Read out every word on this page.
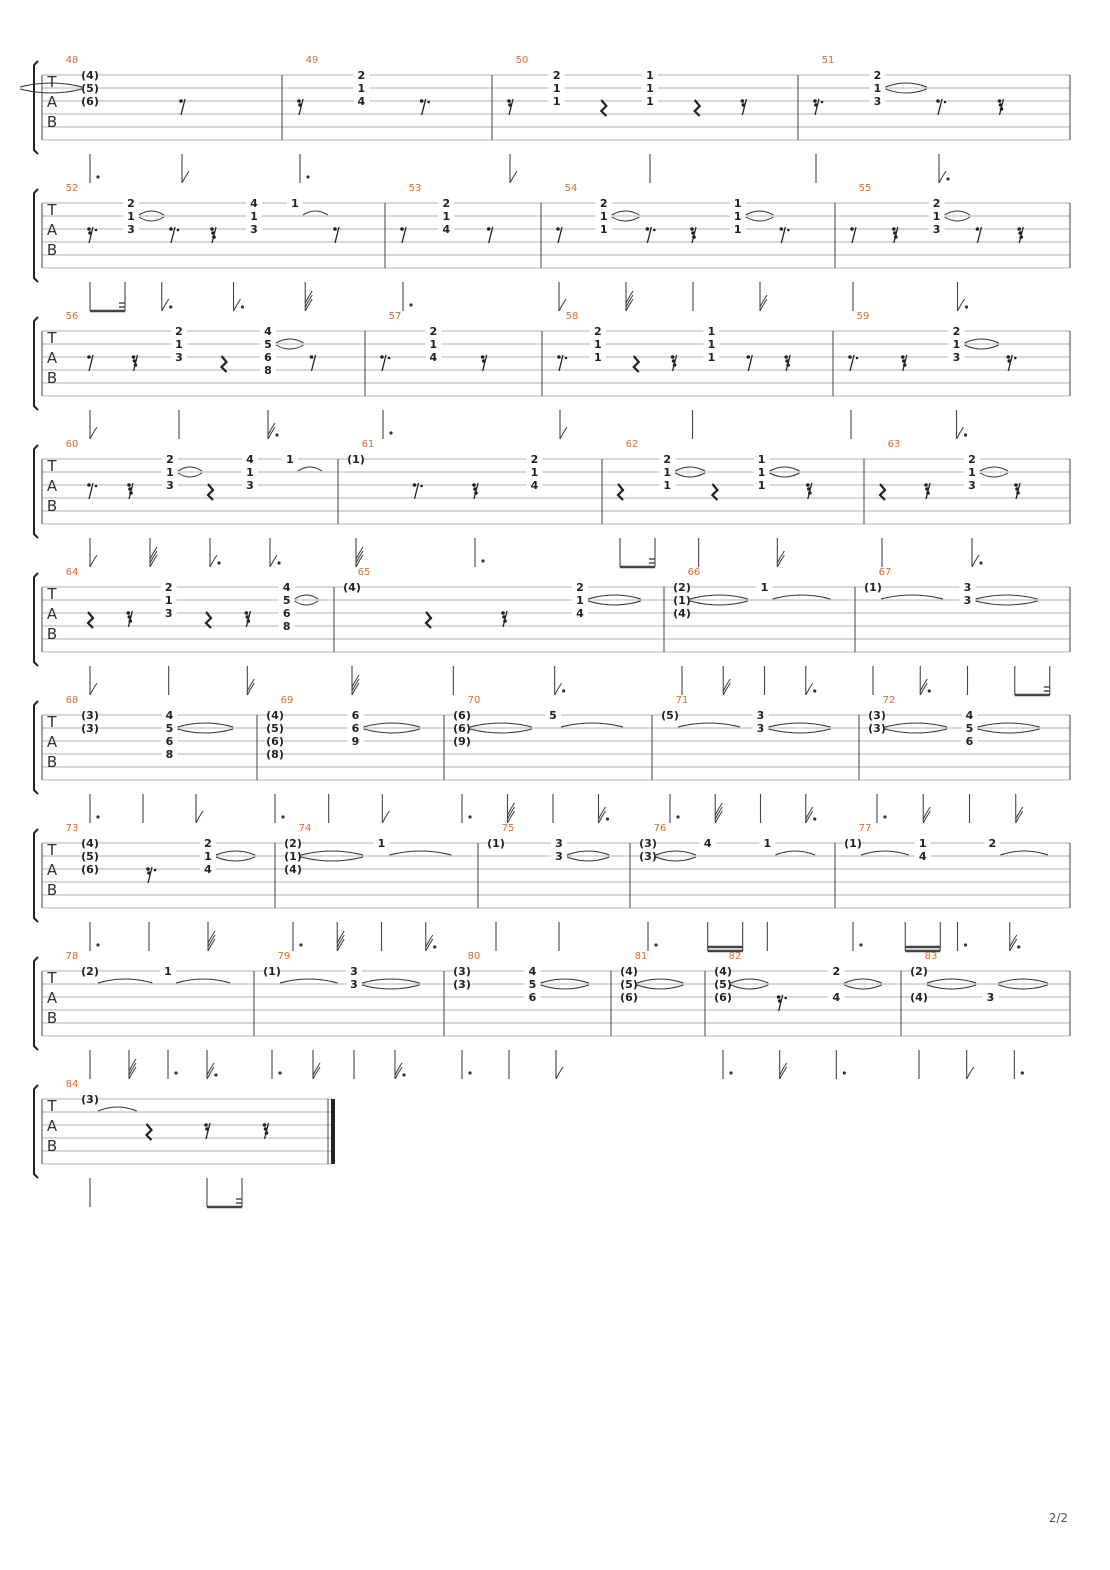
T
A
B
48
(4)
(5)
(6)
49
2
1
4
50
2
1
1
1
1
1
51
2
1
3
T
A
B
52
2
1
3
4
1
3
1
53
2
1
4
54
2
1
1
1
1
1
55
2
1
3
T
A
B
56
2
1
3
4
5
6
8
57
2
1
4
58
2
1
1
1
1
1
59
2
1
3
T
A
B
60
2
1
3
4
1
3
1
61
(1)	2
1
4
62
2
1
1
1
1
1
63
2
1
3
T
A
B
64
2
1
3
4
5
6
8
65
(4)	2
1
4
66
(2)
(1)
(4)
1
67
(1)	3
3
T
A
B
68
(3)
(3)
4
5
6
8
69
(4)
(5)
(6)
(8)
6
6
9
70
(6)
(6)
(9)
5
71
(5)	3
3
72
(3)
(3)
4
5
6
T
A
B
73
(4)
(5)
(6)
2
1
4
74
(2)
(1)
(4)
1
75
(1)	3
3
76
(3)
(3)
4	1
77
(1)	1
4
2
T
A
B
78
(2)	1
79
(1)	3
3
80
(3)
(3)
4
5
6
81
(4)
(5)
(6)
82
(4)
(5)
(6)
2
4
83
(2)
(4)	3
T
A
B
84
(3)
2/2
